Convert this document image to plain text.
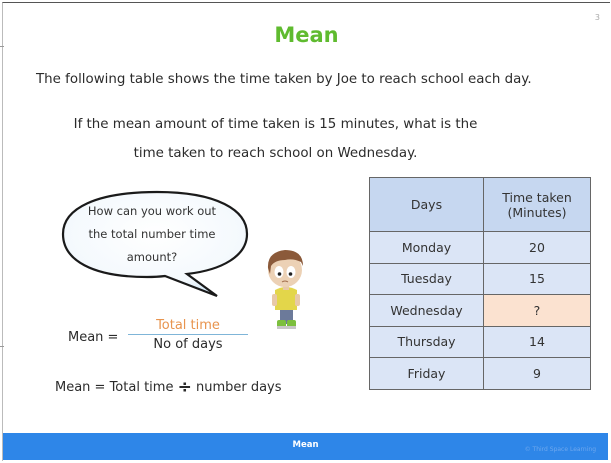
3
Mean
The following table shows the time taken by Joe to reach school each day.
If the mean amount of time taken is 15 minutes, what is the
time taken to reach school on Wednesday.
How can you work out
the total number time
amount?
Mean =
Total time
No of days
Mean = Total time ÷ number days
Days	Time taken
(Minutes)

Monday	20
Tuesday	15
Wednesday	?
Thursday	14
Friday	9
Mean	© Third Space Learning
